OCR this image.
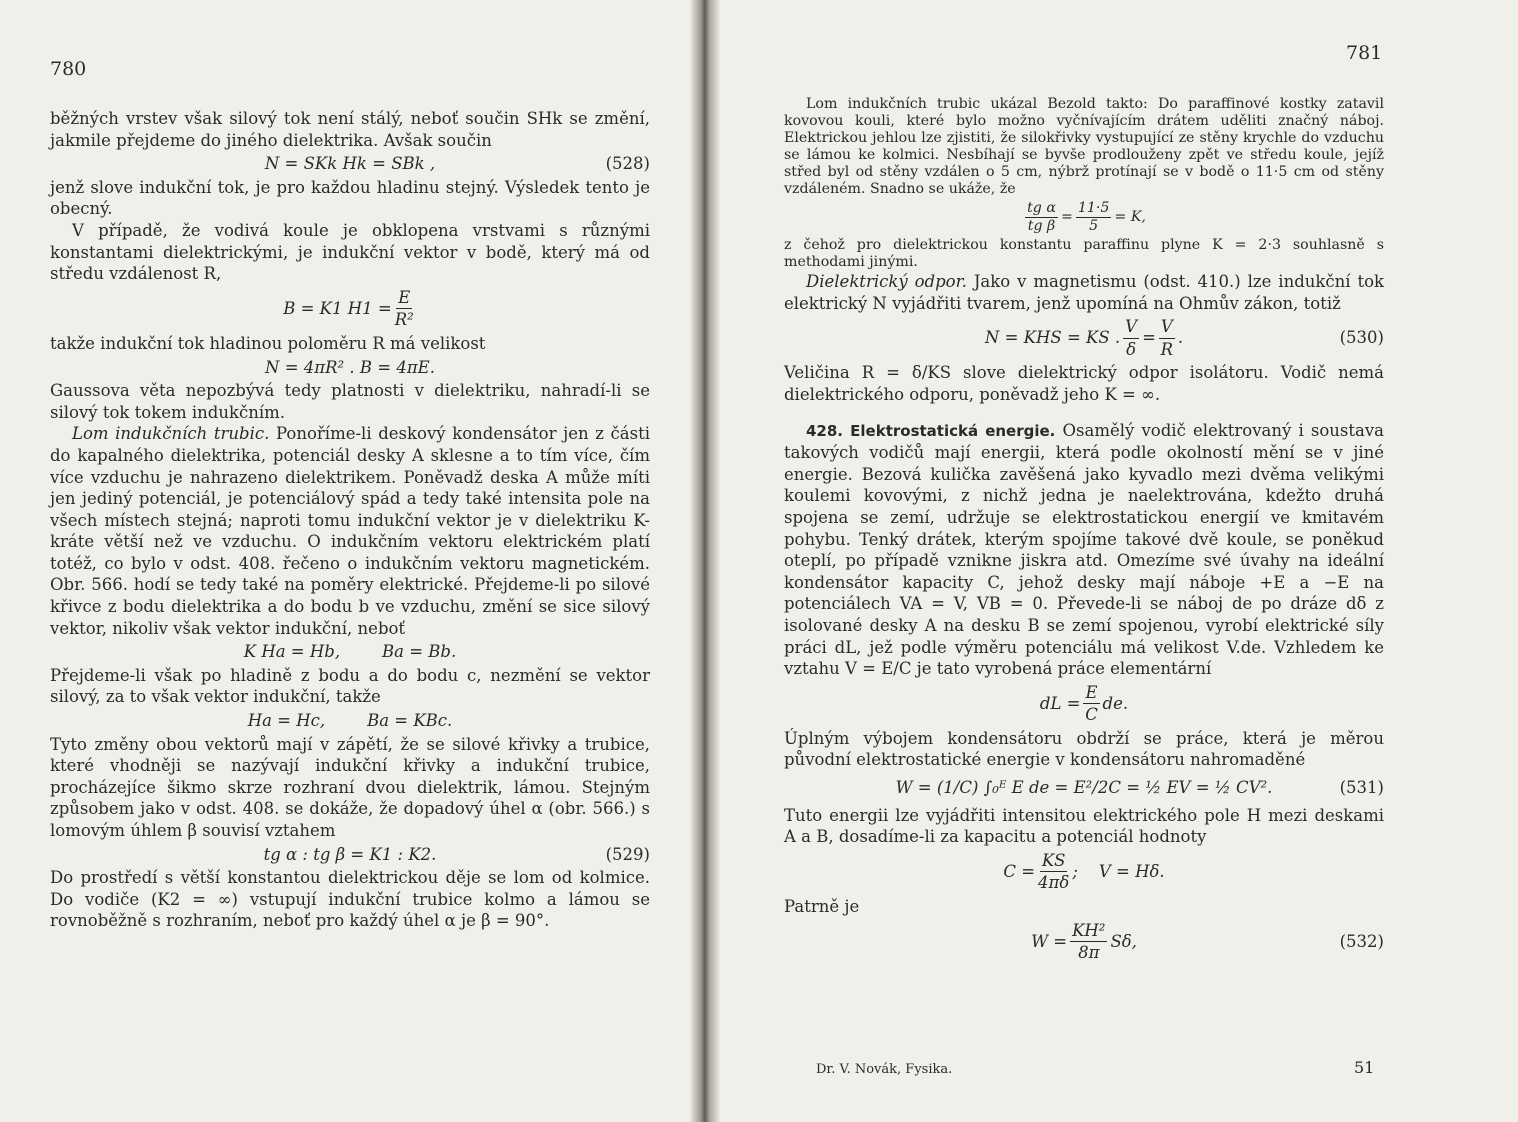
780

běžných vrstev však silový tok není stálý, neboť součin SHk se změní, jakmile přejdeme do jiného dielektrika. Avšak součin

N = SKk Hk = SBk ,	(528)

jenž slove indukční tok, je pro každou hladinu stejný. Výsledek tento je obecný.

V případě, že vodivá koule je obklopena vrstvami s různými konstantami dielektrickými, je indukční vektor v bodě, který má od středu vzdálenost R,

B = K1 $H1 = \frac{E}{\text{R²}}$

takže indukční tok hladinou poloměru R má velikost

N = 4πR² . B = 4πE.

Gaussova věta nepozbývá tedy platnosti v dielektriku, nahradí-li se silový tok tokem indukčním.

Lom indukčních trubic. Ponoříme-li deskový kondensátor jen z části do kapalného dielektrika, potenciál desky A sklesne a to tím více, čím více vzduchu je nahrazeno dielektrikem. Poněvadž deska A může míti jen jediný potenciál, je potenciálový spád a tedy také intensita pole na všech místech stejná; naproti tomu indukční vektor je v dielektriku K-kráte větší než ve vzduchu. O indukčním vektoru elektrickém platí totéž, co bylo v odst. 408. řečeno o indukčním vektoru magnetickém. Obr. 566. hodí se tedy také na poměry elektrické. Přejdeme-li po silové křivce z bodu dielektrika a do bodu b ve vzduchu, změní se sice silový vektor, nikoliv však vektor indukční, neboť

K Ha = Hb,        Ba = Bb.

Přejdeme-li však po hladině z bodu a do bodu c, nezmění se vektor silový, za to však vektor indukční, takže

Ha = Hc,        Ba = KBc.

Tyto změny obou vektorů mají v zápětí, že se silové křivky a trubice, které vhodněji se nazývají indukční křivky a indukční trubice, procházejíce šikmo skrze rozhraní dvou dielektrik, lámou. Stejným způsobem jako v odst. 408. se dokáže, že dopadový úhel α (obr. 566.) s lomovým úhlem β souvisí vztahem

tg α : tg β = K1 : K2.	(529)

Do prostředí s větší konstantou dielektrickou děje se lom od kolmice. Do vodiče (K2 = ∞) vstupují indukční trubice kolmo a lámou se rovnoběžně s rozhraním, neboť pro každý úhel α je β = 90°.

781

Lom indukčních trubic ukázal Bezold takto: Do paraffinové kostky zatavil kovovou kouli, které bylo možno vyčnívajícím drátem uděliti značný náboj. Elektrickou jehlou lze zjistiti, že silokřivky vystupující ze stěny krychle do vzduchu se lámou ke kolmici. Nesbíhají se byvše prodlouženy zpět ve středu koule, jejíž střed byl od stěny vzdálen o 5 cm, nýbrž protínají se v bodě o 11·5 cm od stěny vzdáleném. Snadno se ukáže, že

$\frac{\text{tg α}}{\text{tg β}} = \frac{11\cdot 5}{5} = K$,

z čehož pro dielektrickou konstantu paraffinu plyne K = 2·3 souhlasně s methodami jinými.

Dielektrický odpor. Jako v magnetismu (odst. 410.) lze indukční tok elektrický N vyjádřiti tvarem, jenž upomíná na Ohmův zákon, totiž

N = KHS = KS . $\frac{V}{\delta} = \frac{V}{R}$ .	(530)

Veličina R = δ/KS slove dielektrický odpor isolátoru. Vodič nemá dielektrického odporu, poněvadž jeho K = ∞.

428. Elektrostatická energie. Osamělý vodič elektrovaný i soustava takových vodičů mají energii, která podle okolností mění se v jiné energie. Bezová kulička zavěšená jako kyvadlo mezi dvěma velikými koulemi kovovými, z nichž jedna je naelektrována, kdežto druhá spojena se zemí, udržuje se elektrostatickou energií ve kmitavém pohybu. Tenký drátek, kterým spojíme takové dvě koule, se poněkud oteplí, po případě vznikne jiskra atd. Omezíme své úvahy na ideální kondensátor kapacity C, jehož desky mají náboje +E a −E na potenciálech VA = V, VB = 0. Převede-li se náboj de po dráze dδ z isolované desky A na desku B se zemí spojenou, vyrobí elektrické síly práci dL, jež podle výměru potenciálu má velikost V.de. Vzhledem ke vztahu V = E/C je tato vyrobená práce elementární

dL = $\frac{E}{C}$ de.

Úplným výbojem kondensátoru obdrží se práce, která je měrou původní elektrostatické energie v kondensátoru nahromaděné

W = (1/C) ∫₀ᴱ E de = E²/2C = ½ EV = ½ CV².	(531)

Tuto energii lze vyjádřiti intensitou elektrického pole H mezi deskami A a B, dosadíme-li za kapacitu a potenciál hodnoty

$C = \frac{KS}{4\pi\delta}$ ;    V = Hδ.

Patrně je

$W = \frac{\text{KH²}}{8\pi} S\delta$,	(532)
Dr. V. Novák, Fysika.	51
